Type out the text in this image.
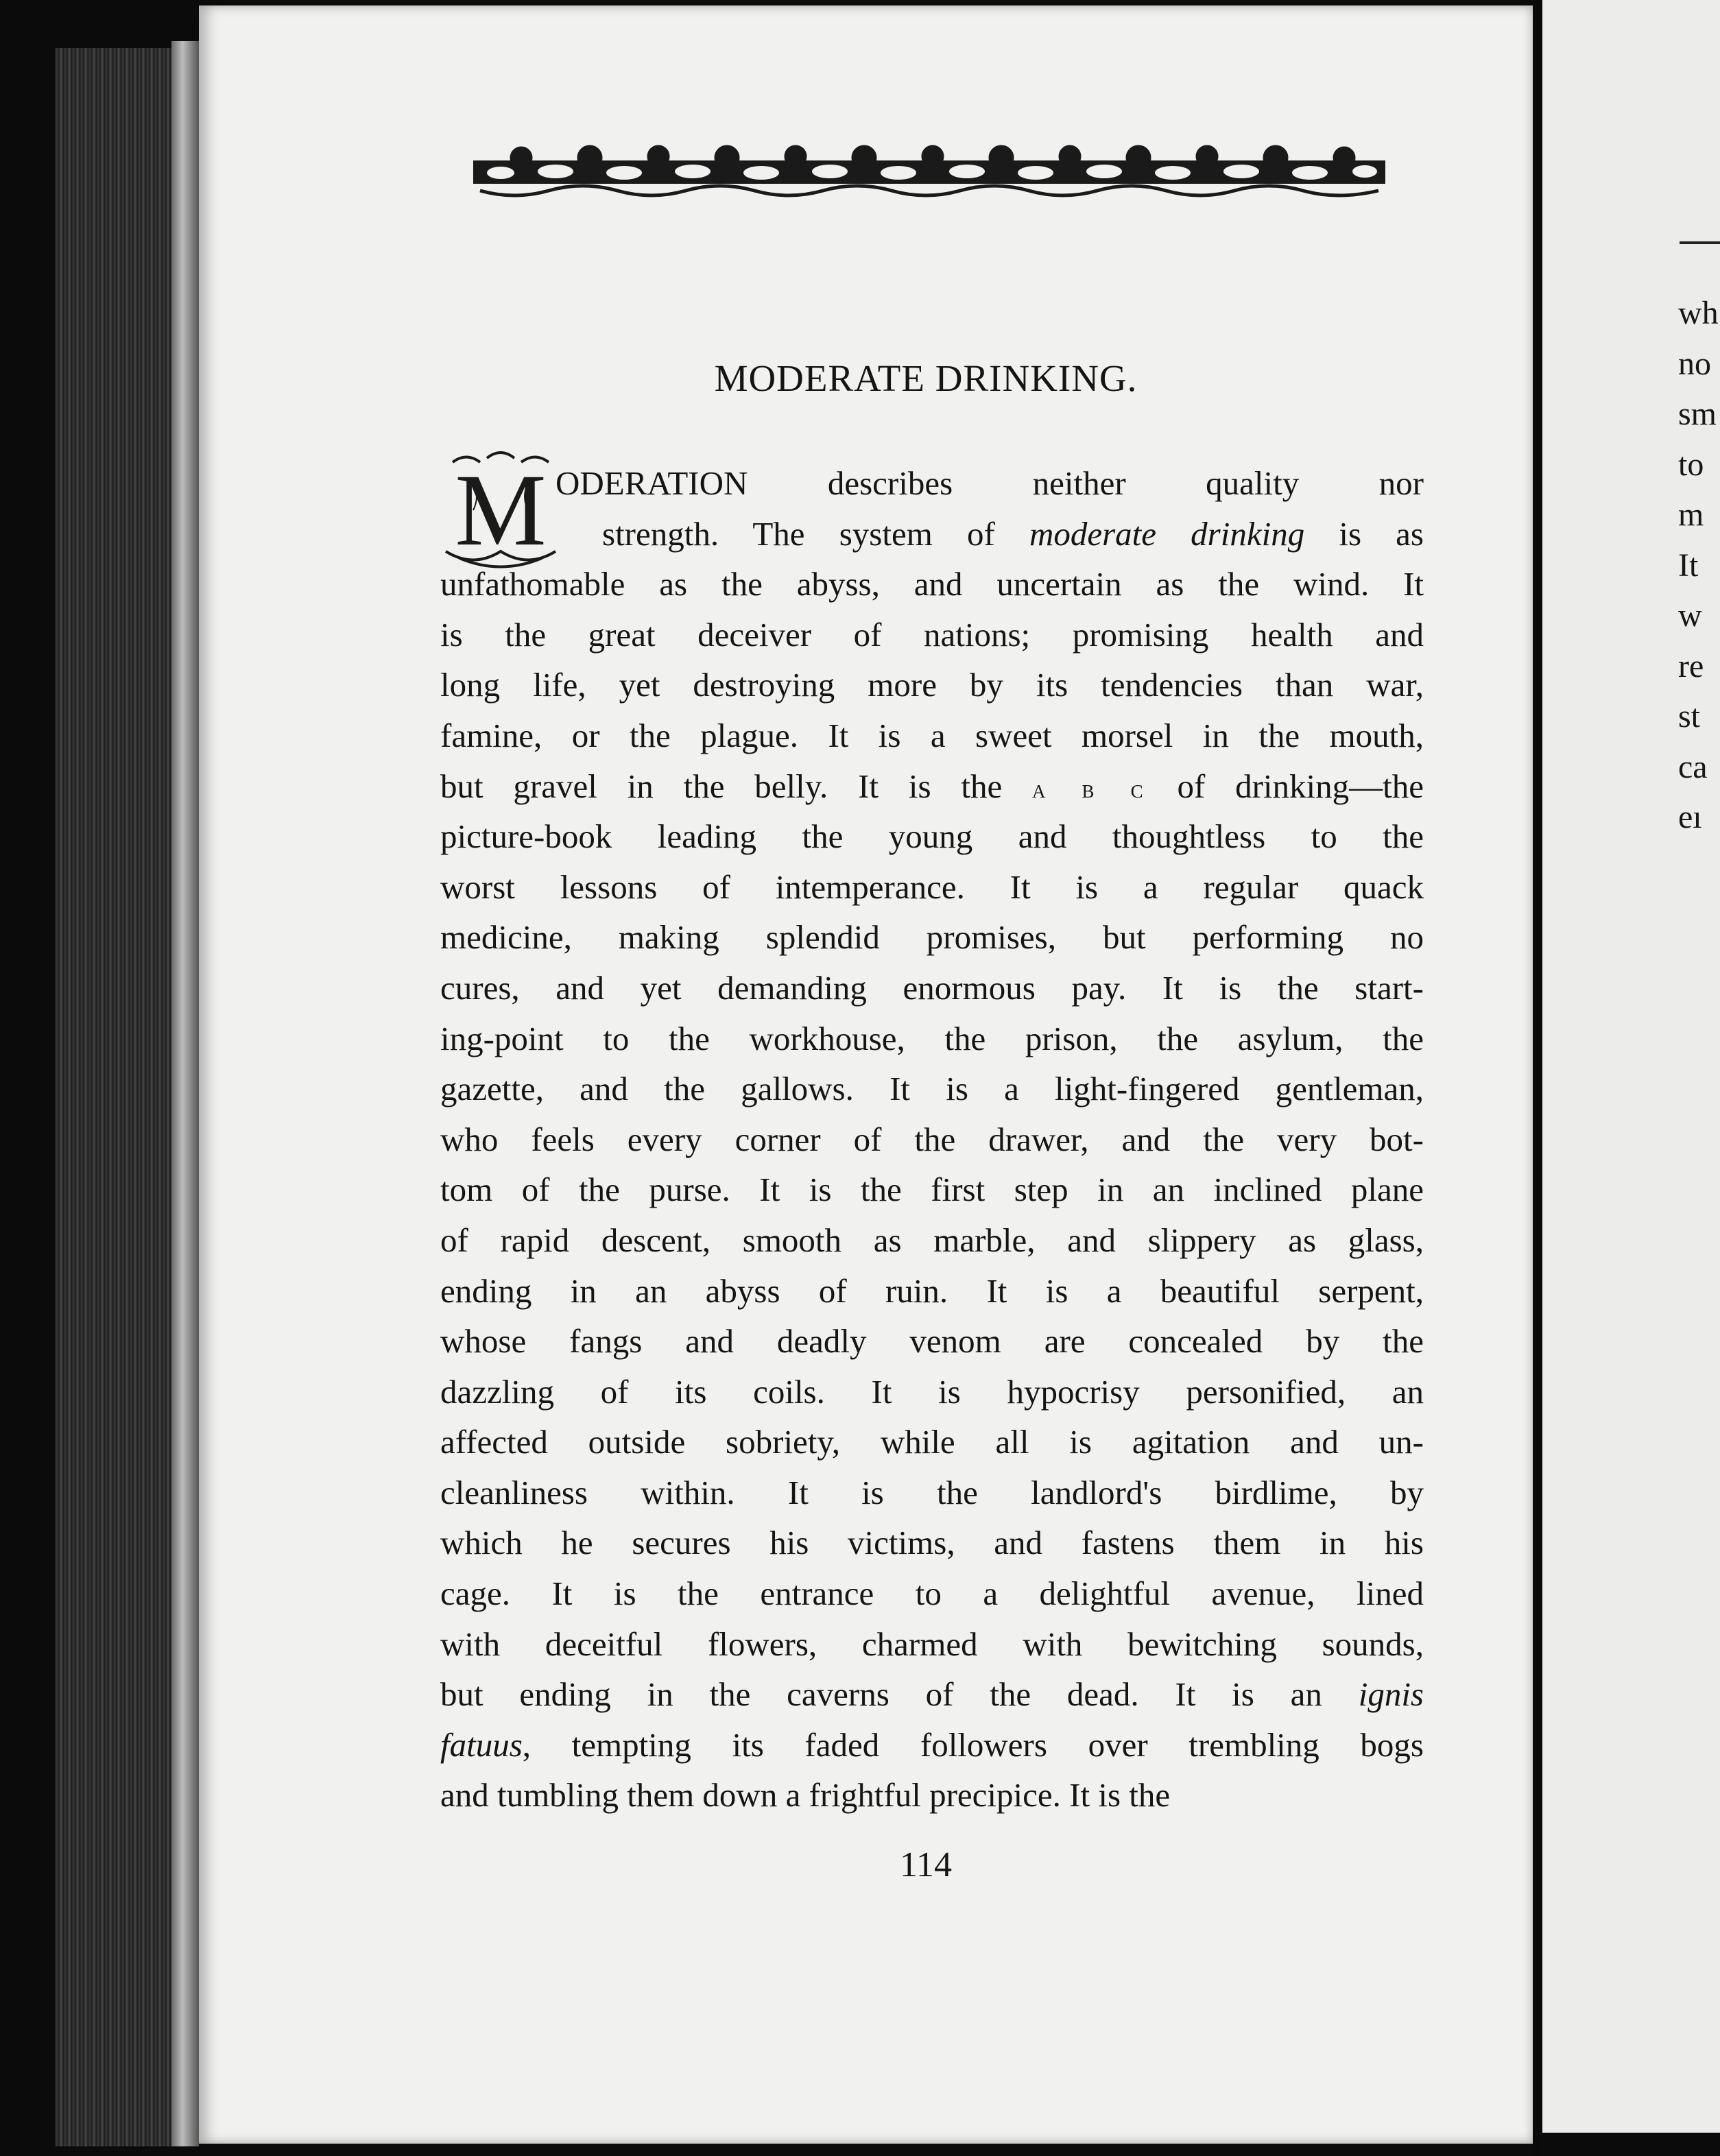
MODERATE DRINKING.
M ODERATION describes neither quality nor
strength. The system of moderate drinking is as
unfathomable as the abyss, and uncertain as the wind. It
is the great deceiver of nations; promising health and
long life, yet destroying more by its tendencies than war,
famine, or the plague. It is a sweet morsel in the mouth,
but gravel in the belly. It is the a b c of drinking—the
picture-book leading the young and thoughtless to the
worst lessons of intemperance. It is a regular quack
medicine, making splendid promises, but performing no
cures, and yet demanding enormous pay. It is the start-
ing-point to the workhouse, the prison, the asylum, the
gazette, and the gallows. It is a light-fingered gentleman,
who feels every corner of the drawer, and the very bot-
tom of the purse. It is the first step in an inclined plane
of rapid descent, smooth as marble, and slippery as glass,
ending in an abyss of ruin. It is a beautiful serpent,
whose fangs and deadly venom are concealed by the
dazzling of its coils. It is hypocrisy personified, an
affected outside sobriety, while all is agitation and un-
cleanliness within. It is the landlord's birdlime, by
which he secures his victims, and fastens them in his
cage. It is the entrance to a delightful avenue, lined
with deceitful flowers, charmed with bewitching sounds,
but ending in the caverns of the dead. It is an ignis
fatuus, tempting its faded followers over trembling bogs
and tumbling them down a frightful precipice. It is the
114
wh
no
sm
to
m
It
w
re
st
ca
eı
